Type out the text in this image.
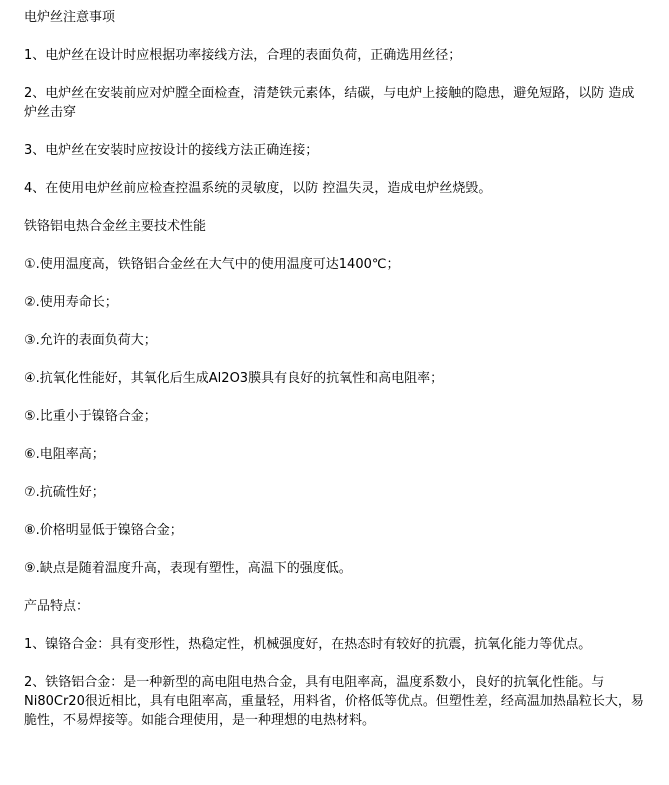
电炉丝注意事项
1、电炉丝在设计时应根据功率接线方法，合理的表面负荷，正确选用丝径；
2、电炉丝在安装前应对炉膛全面检查，清楚铁元素体，结碳，与电炉上接触的隐患，避免短路，以防 造成炉丝击穿
3、电炉丝在安装时应按设计的接线方法正确连接；
4、在使用电炉丝前应检查控温系统的灵敏度，以防 控温失灵，造成电炉丝烧毁。
铁铬铝电热合金丝主要技术性能
①.使用温度高，铁铬铝合金丝在大气中的使用温度可达1400℃；
②.使用寿命长；
③.允许的表面负荷大；
④.抗氧化性能好，其氧化后生成Al2O3膜具有良好的抗氧性和高电阻率；
⑤.比重小于镍铬合金；
⑥.电阻率高；
⑦.抗硫性好；
⑧.价格明显低于镍铬合金；
⑨.缺点是随着温度升高，表现有塑性，高温下的强度低。
产品特点：
1、镍铬合金：具有变形性，热稳定性，机械强度好，在热态时有较好的抗震，抗氧化能力等优点。
2、铁铬铝合金：是一种新型的高电阻电热合金，具有电阻率高，温度系数小，良好的抗氧化性能。与Ni80Cr20很近相比，具有电阻率高，重量轻，用料省，价格低等优点。但塑性差，经高温加热晶粒长大，易脆性，不易焊接等。如能合理使用，是一种理想的电热材料。
